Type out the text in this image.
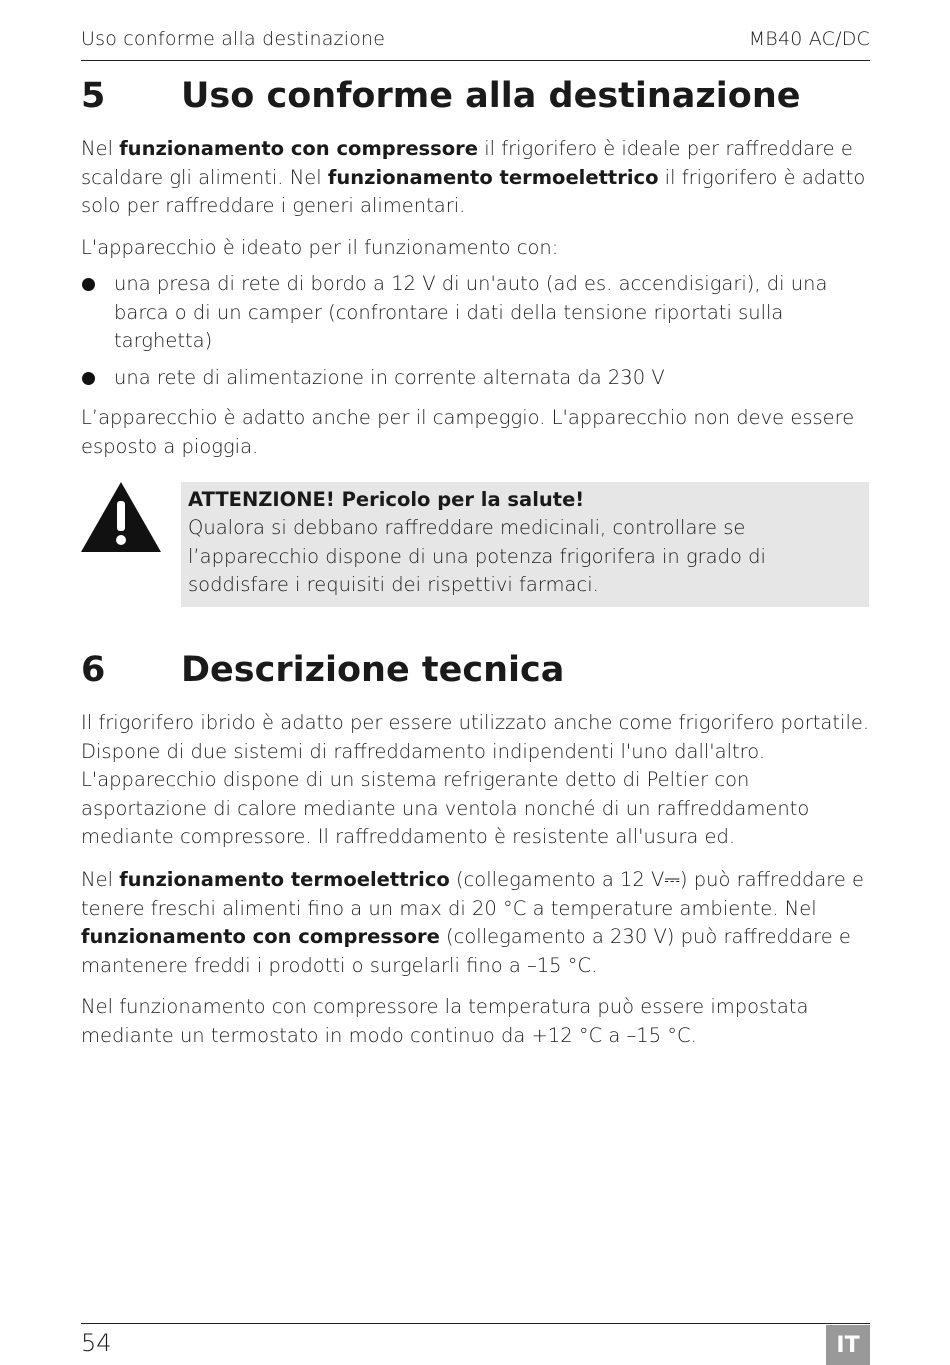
Uso conforme alla destinazione	MB40 AC/DC
5 Uso conforme alla destinazione

Nel funzionamento con compressore il frigorifero è ideale per raffreddare e scaldare gli alimenti. Nel funzionamento termoelettrico il frigorifero è adatto solo per raffreddare i generi alimentari.

L'apparecchio è ideato per il funzionamento con:

una presa di rete di bordo a 12 V di un'auto (ad es. accendisigari), di una barca o di un camper (confrontare i dati della tensione riportati sulla targhetta)
una rete di alimentazione in corrente alternata da 230 V

L’apparecchio è adatto anche per il campeggio. L'apparecchio non deve essere esposto a pioggia.

ATTENZIONE! Pericolo per la salute!
Qualora si debbano raffreddare medicinali, controllare se l’apparecchio dispone di una potenza frigorifera in grado di soddisfare i requisiti dei rispettivi farmaci.
6 Descrizione tecnica

Il frigorifero ibrido è adatto per essere utilizzato anche come frigorifero portatile. Dispone di due sistemi di raffreddamento indipendenti l'uno dall'altro. L'apparecchio dispone di un sistema refrigerante detto di Peltier con asportazione di calore mediante una ventola nonché di un raffreddamento mediante compressore. Il raffreddamento è resistente all'usura ed.

Nel funzionamento termoelettrico (collegamento a 12 V⎓) può raffreddare e tenere freschi alimenti fino a un max di 20 °C a temperature ambiente. Nel funzionamento con compressore (collegamento a 230 V) può raffreddare e mantenere freddi i prodotti o surgelarli fino a –15 °C.

Nel funzionamento con compressore la temperatura può essere impostata mediante un termostato in modo continuo da +12 °C a –15 °C.

54	IT
